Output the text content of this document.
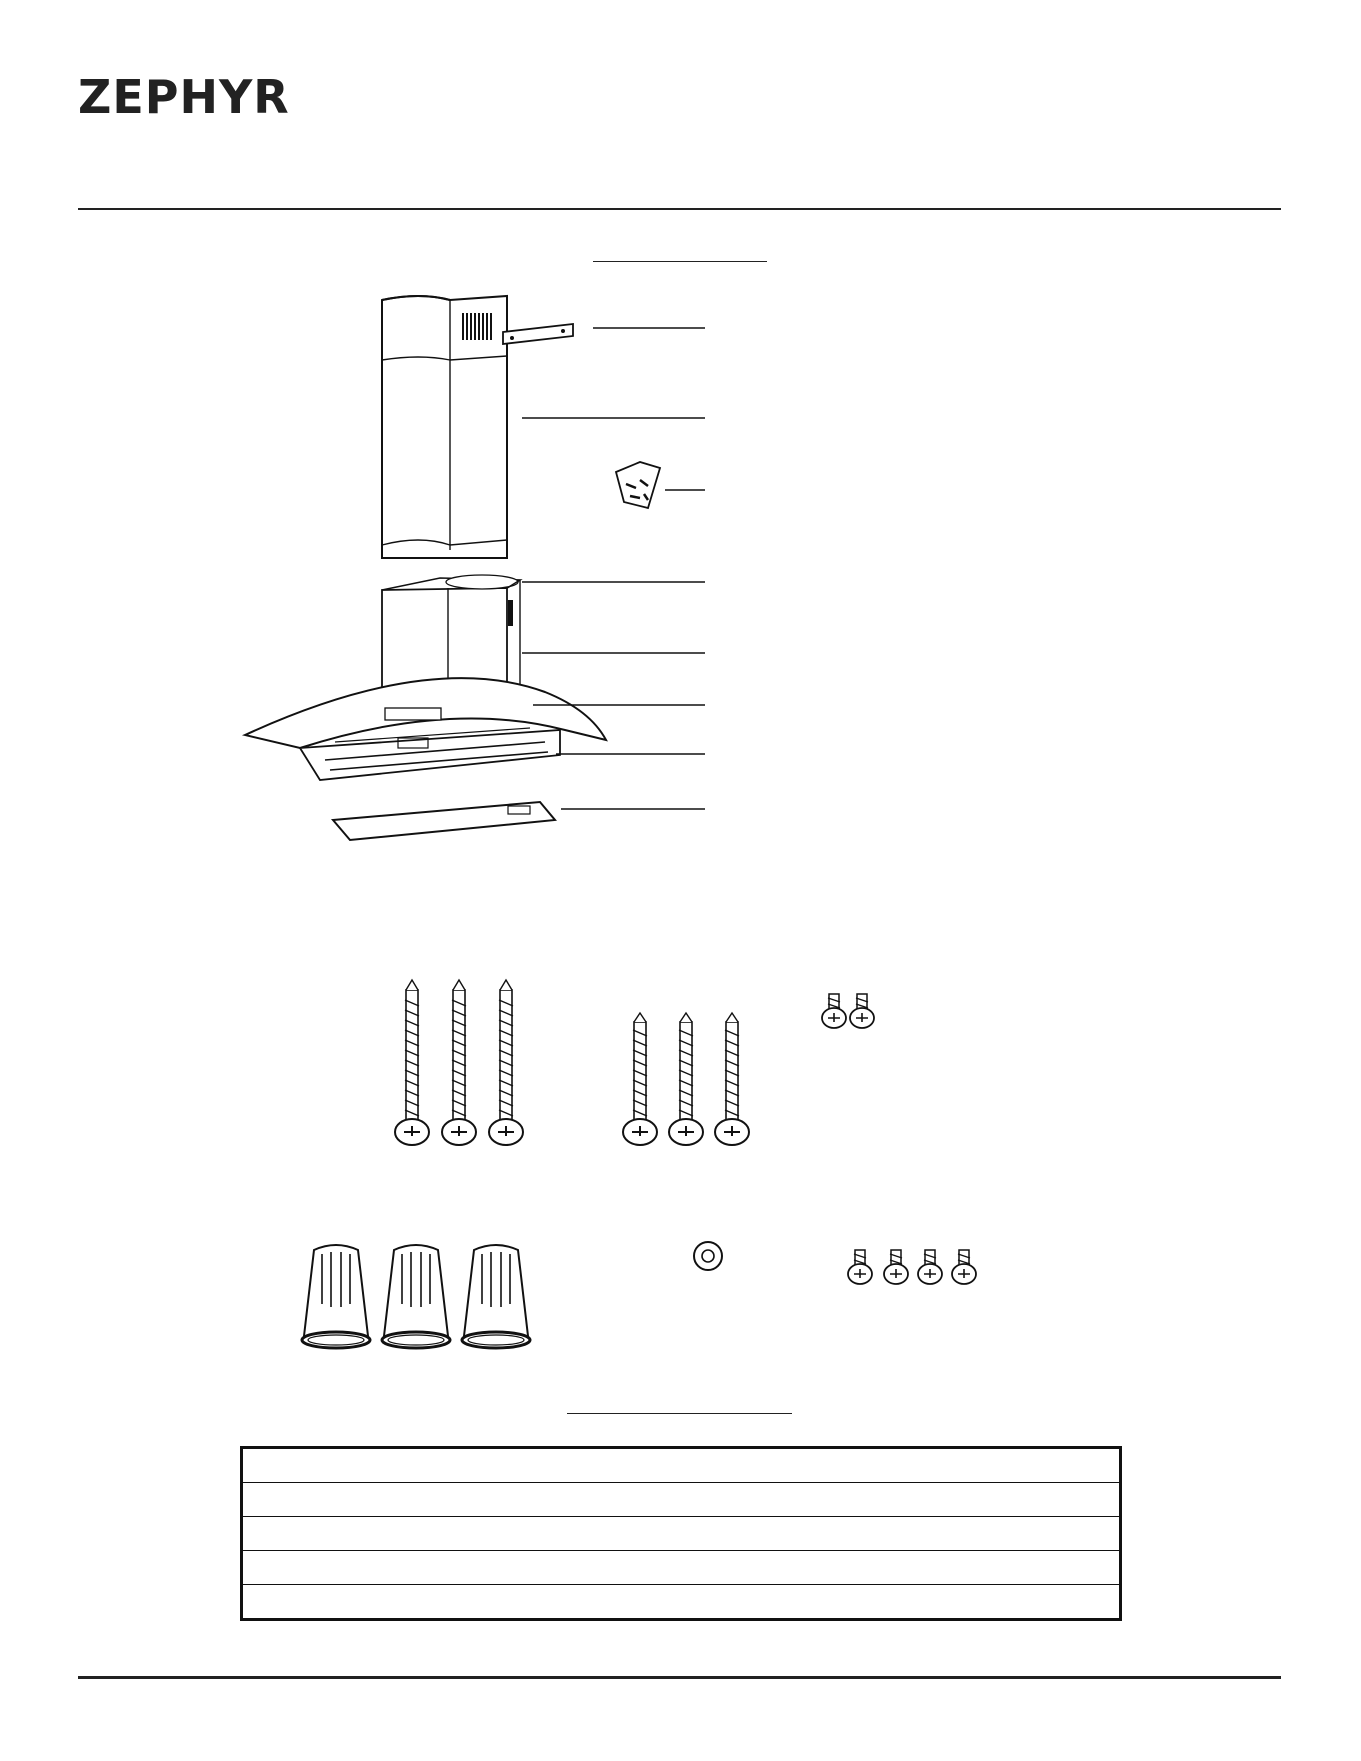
ZEPHYR
